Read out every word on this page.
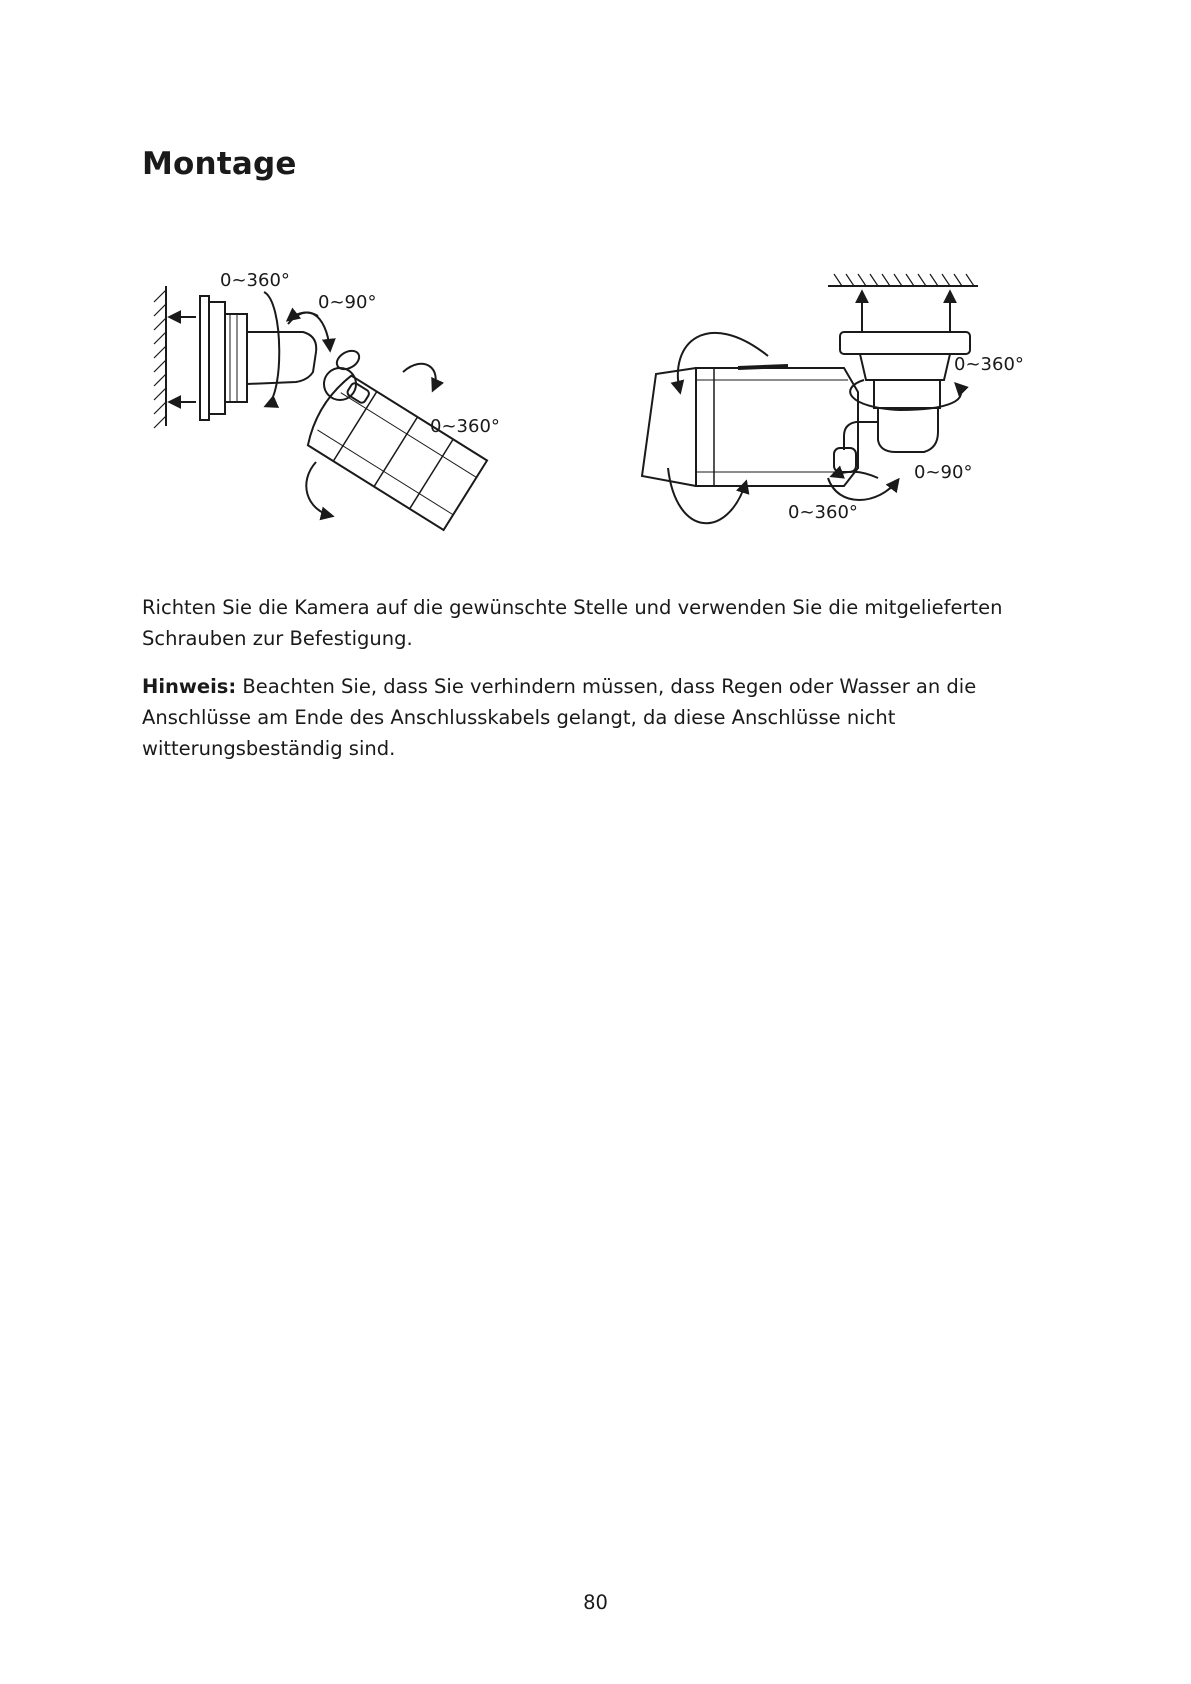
Montage
0~360°
0~90°
0~360°
0~360°
0~90°
0~360°

Richten Sie die Kamera auf die gewünschte Stelle und verwenden Sie die mitgelieferten Schrauben zur Befestigung.

Hinweis: Beachten Sie, dass Sie verhindern müssen, dass Regen oder Wasser an die Anschlüsse am Ende des Anschlusskabels gelangt, da diese Anschlüsse nicht witterungsbeständig sind.

80
